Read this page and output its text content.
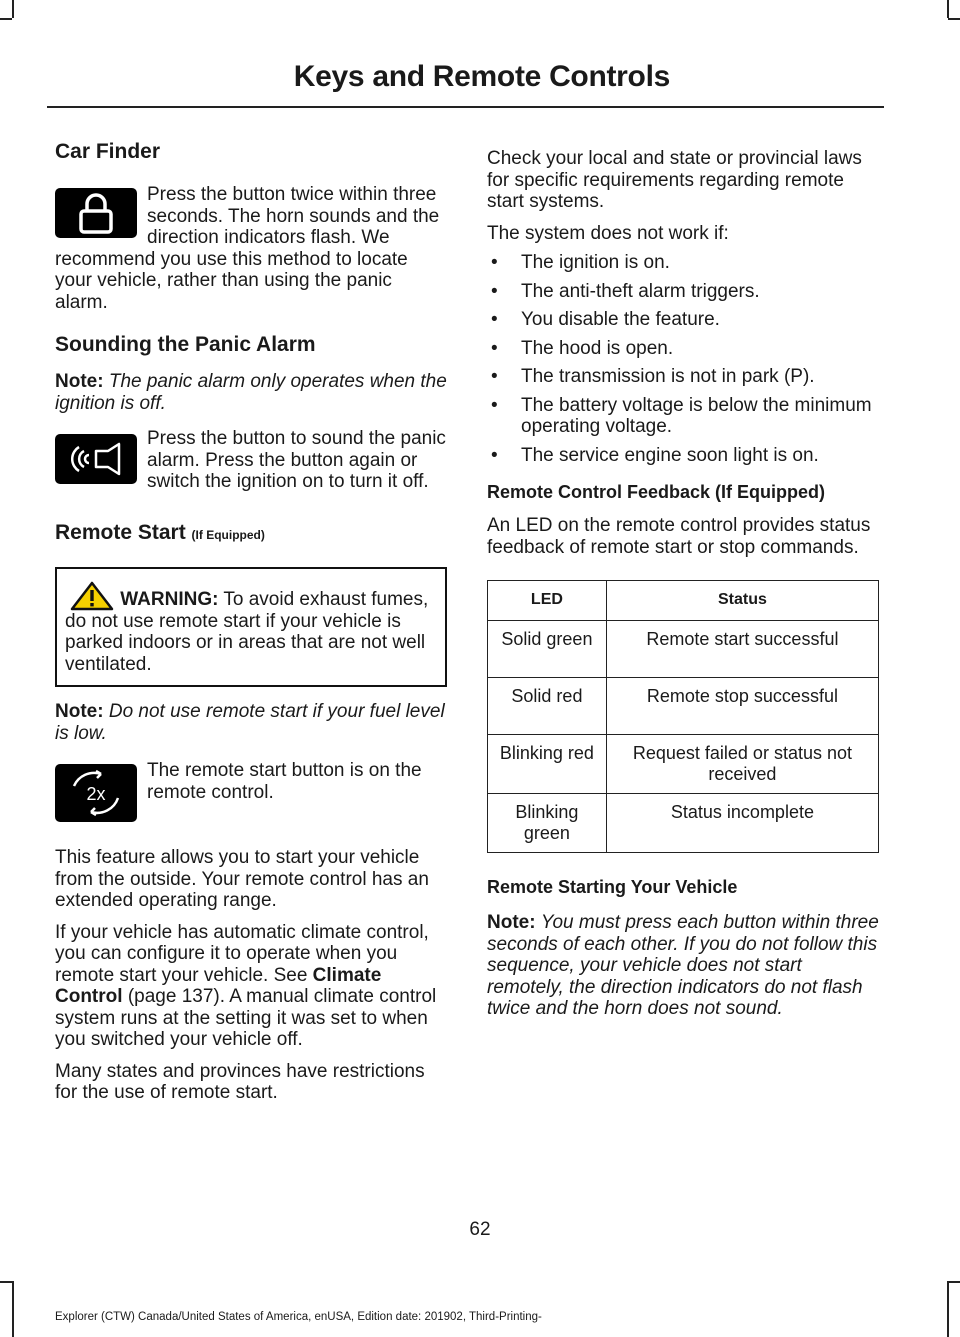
Keys and Remote Controls
Car Finder

Press the button twice within three seconds. The horn sounds and the direction indicators flash. We recommend you use this method to locate your vehicle, rather than using the panic alarm.

Sounding the Panic Alarm

Note: The panic alarm only operates when the ignition is off.

Press the button to sound the panic alarm. Press the button again or switch the ignition on to turn it off.

Remote Start (If Equipped)

WARNING: To avoid exhaust fumes, do not use remote start if your vehicle is parked indoors or in areas that are not well ventilated.

Note: Do not use remote start if your fuel level is low.

2x

The remote start button is on the remote control.

This feature allows you to start your vehicle from the outside. Your remote control has an extended operating range.

If your vehicle has automatic climate control, you can configure it to operate when you remote start your vehicle. See Climate Control (page 137). A manual climate control system runs at the setting it was set to when you switched your vehicle off.

Many states and provinces have restrictions for the use of remote start.

Check your local and state or provincial laws for specific requirements regarding remote start systems.

The system does not work if:

• The ignition is on.
• The anti-theft alarm triggers.
• You disable the feature.
• The hood is open.
• The transmission is not in park (P).
• The battery voltage is below the minimum operating voltage.
• The service engine soon light is on.
Remote Control Feedback (If Equipped)

An LED on the remote control provides status feedback of remote start or stop commands.

LED	Status
Solid green	Remote start successful
Solid red	Remote stop successful
Blinking red	Request failed or status not received
Blinking green	Status incomplete
Remote Starting Your Vehicle

Note: You must press each button within three seconds of each other. If you do not follow this sequence, your vehicle does not start remotely, the direction indicators do not flash twice and the horn does not sound.

62
Explorer (CTW) Canada/United States of America, enUSA, Edition date: 201902, Third-Printing-
